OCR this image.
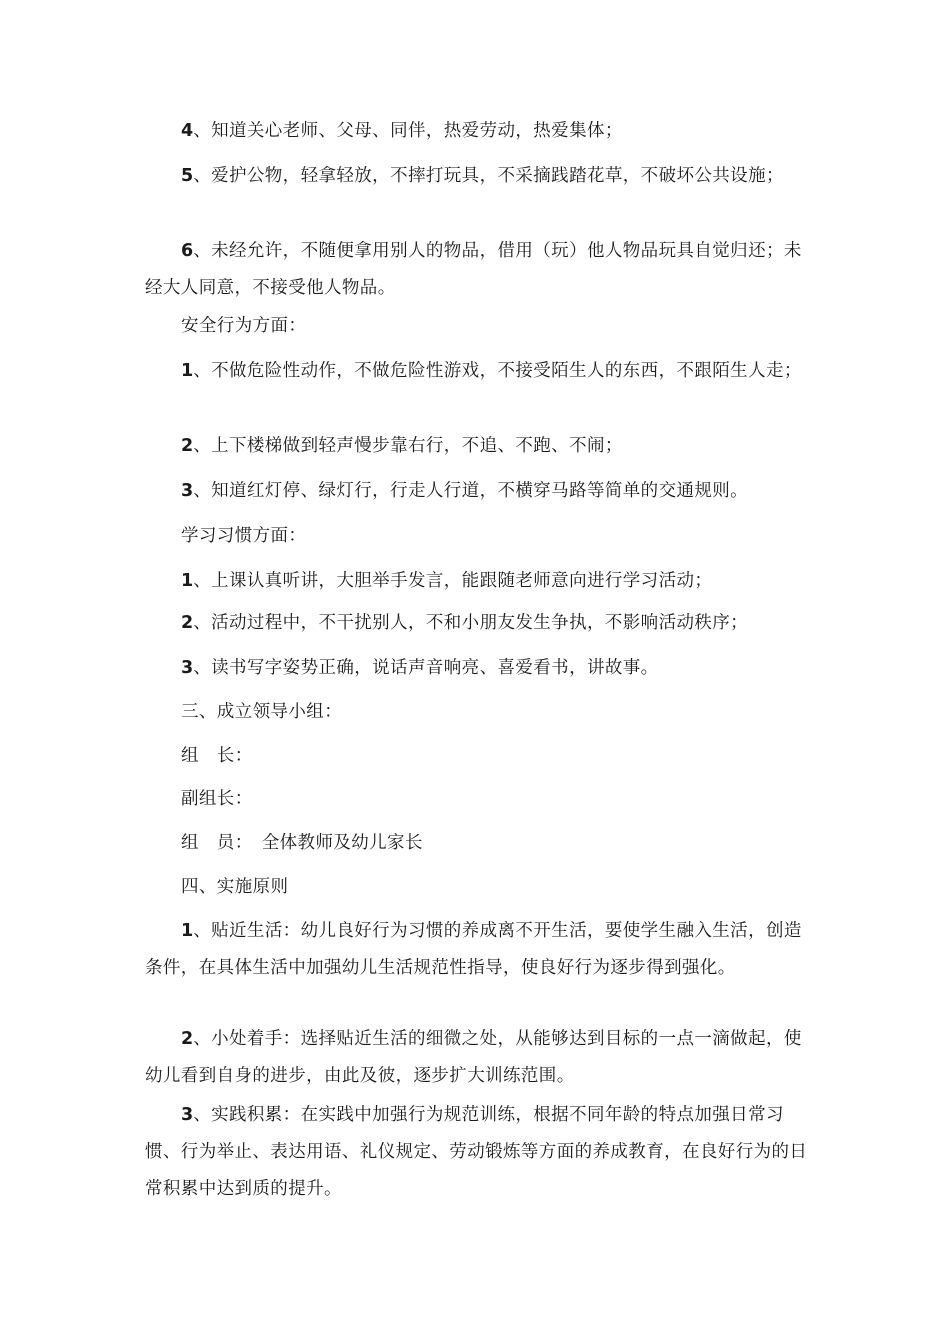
4、知道关心老师、父母、同伴，热爱劳动，热爱集体；

5、爱护公物，轻拿轻放，不摔打玩具，不采摘践踏花草，不破坏公共设施；

6、未经允许，不随便拿用别人的物品，借用（玩）他人物品玩具自觉归还；未经大人同意，不接受他人物品。

安全行为方面：

1、不做危险性动作，不做危险性游戏，不接受陌生人的东西，不跟陌生人走；

2、上下楼梯做到轻声慢步靠右行，不追、不跑、不闹；

3、知道红灯停、绿灯行，行走人行道，不横穿马路等简单的交通规则。

学习习惯方面：

1、上课认真听讲，大胆举手发言，能跟随老师意向进行学习活动；

2、活动过程中，不干扰别人，不和小朋友发生争执，不影响活动秩序；

3、读书写字姿势正确，说话声音响亮、喜爱看书，讲故事。

三、成立领导小组：

组　长：

副组长：

组　员：　全体教师及幼儿家长

四、实施原则

1、贴近生活：幼儿良好行为习惯的养成离不开生活，要使学生融入生活，创造条件，在具体生活中加强幼儿生活规范性指导，使良好行为逐步得到强化。

2、小处着手：选择贴近生活的细微之处，从能够达到目标的一点一滴做起，使幼儿看到自身的进步，由此及彼，逐步扩大训练范围。

3、实践积累：在实践中加强行为规范训练，根据不同年龄的特点加强日常习惯、行为举止、表达用语、礼仪规定、劳动锻炼等方面的养成教育，在良好行为的日常积累中达到质的提升。
